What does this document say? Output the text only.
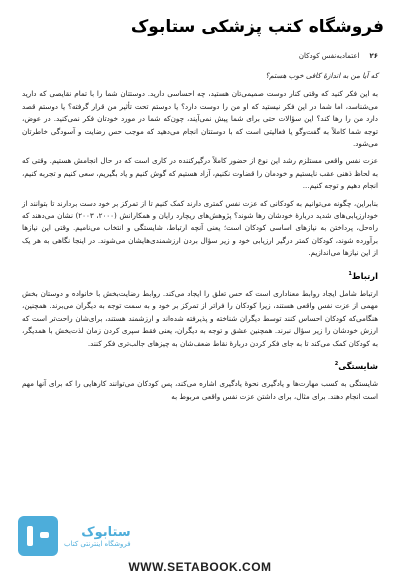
فروشگاه کتب پزشکی ستابوک
۲۶
اعتمادبه‌نفس کودکان

که آیا من به اندازهٔ کافی خوب هستم؟

به این فکر کنید که وقتی کنار دوست صمیمی‌تان هستید، چه احساسی دارید. دوستتان شما را با تمام نقایصی که دارید می‌شناسد، اما شما در این فکر نیستید که او من را دوست دارد؟ یا دوستم تحت تأثیر من قرار گرفته؟ یا دوستم قصد دارد من را رها کند؟ این سؤالات حتی برای شما پیش نمی‌آیند، چون‌که شما در مورد خودتان فکر نمی‌کنید. در عوض، توجه شما کاملاً به گفت‌وگو یا فعالیتی است که با دوستتان انجام می‌دهید که موجب حس رضایت و آسودگی خاطرتان می‌شود.

عزت نفس واقعی مستلزم رشد این نوع از حضور کاملاً درگیرکننده در کاری است که در حال انجامش هستیم. وقتی که به لحاظ ذهنی عقب نایستیم و خودمان را قضاوت نکنیم، آزاد هستیم که گوش کنیم و یاد بگیریم، سعی کنیم و تجربه کنیم، انجام دهیم و توجه کنیم...

بنابراین، چگونه می‌توانیم به کودکانی که عزت نفس کمتری دارند کمک کنیم تا از تمرکز بر خود دست بردارند تا بتوانند از خودارزیابی‌های شدید دربارهٔ خودشان رها شوند؟ پژوهش‌های ریچارد رایان و همکارانش (۲۰۰۰، ۲۰۰۳) نشان می‌دهند که راه‌حل، پرداختن به نیازهای اساسی کودکان است؛ یعنی آنچه ارتباط، شایستگی و انتخاب می‌نامیم. وقتی این نیازها برآورده شوند، کودکان کمتر درگیر ارزیابی خود و زیر سؤال بردن ارزشمندی‌هایشان می‌شوند. در اینجا نگاهی به هر یک از این نیازها می‌اندازیم.

ارتباط$^1$

ارتباط شامل ایجاد روابط معناداری است که حس تعلق را ایجاد می‌کند. روابط رضایت‌بخش با خانواده و دوستان بخش مهمی از عزت نفس واقعی هستند، زیرا کودکان را فراتر از تمرکز بر خود و به سمت توجه به دیگران می‌برند. همچنین، هنگامی‌که کودکان احساس کنند توسط دیگران شناخته و پذیرفته شده‌اند و ارزشمند هستند، برای‌شان راحت‌تر است که ارزش خودشان را زیر سؤال نبرند. همچنین عشق و توجه به دیگران، یعنی فقط سپری کردن زمان لذت‌بخش با همدیگر، به کودکان کمک می‌کند تا به جای فکر کردن دربارهٔ نقاط ضعف‌شان به چیزهای جالب‌تری فکر کنند.

شایستگی$^2$

شایستگی به کسب مهارت‌ها و یادگیری نحوهٔ یادگیری اشاره می‌کند، پس کودکان می‌توانند کارهایی را که برای آنها مهم است انجام دهند. برای مثال، برای داشتن عزت نفس واقعی مربوط به

ستابوک
فروشگاه اینترنتی کتاب
WWW.SETABOOK.COM
